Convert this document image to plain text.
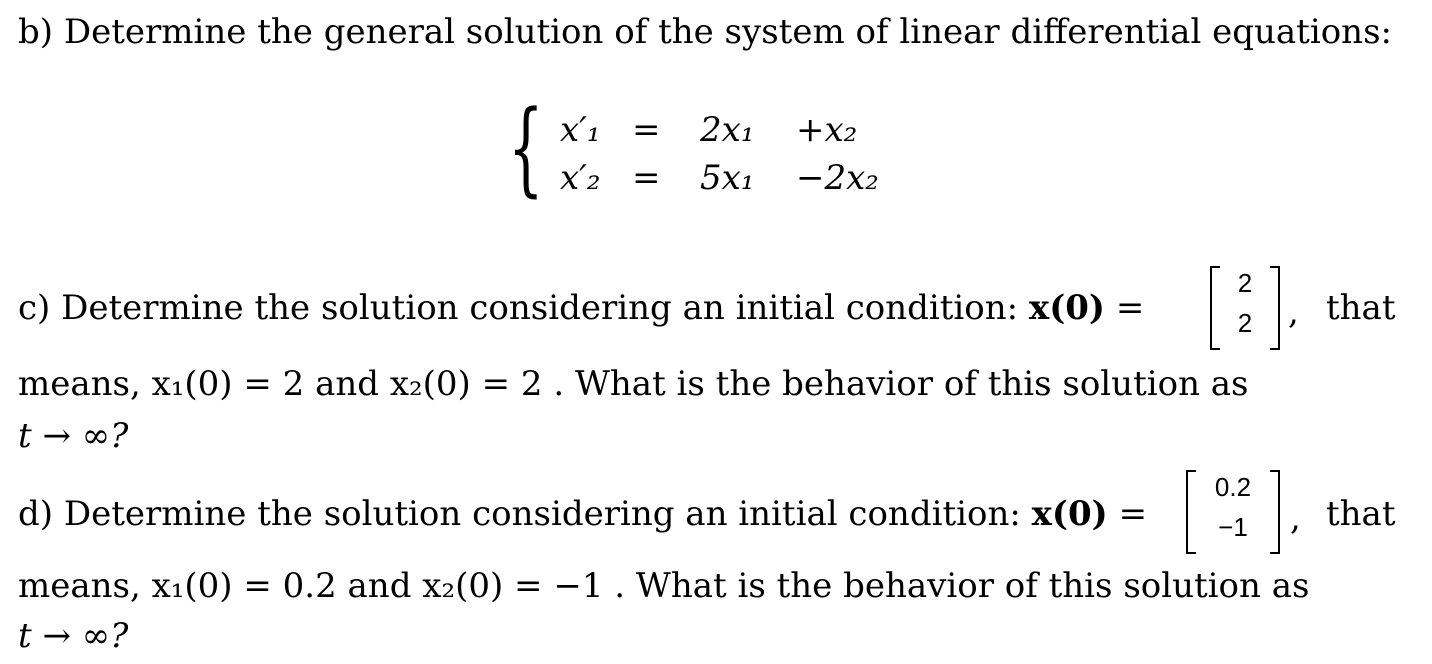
b) Determine the general solution of the system of linear differential equations:
{ x′₁ = 2x₁ +x₂
x′₂ = 5x₁ −2x₂
c) Determine the solution considering an initial condition: x(0) =
2
2	, that
means, x₁(0) = 2 and x₂(0) = 2 . What is the behavior of this solution as
t → ∞?
d) Determine the solution considering an initial condition: x(0) =
0.2
−1	, that
means, x₁(0) = 0.2 and x₂(0) = −1 . What is the behavior of this solution as
t → ∞?
